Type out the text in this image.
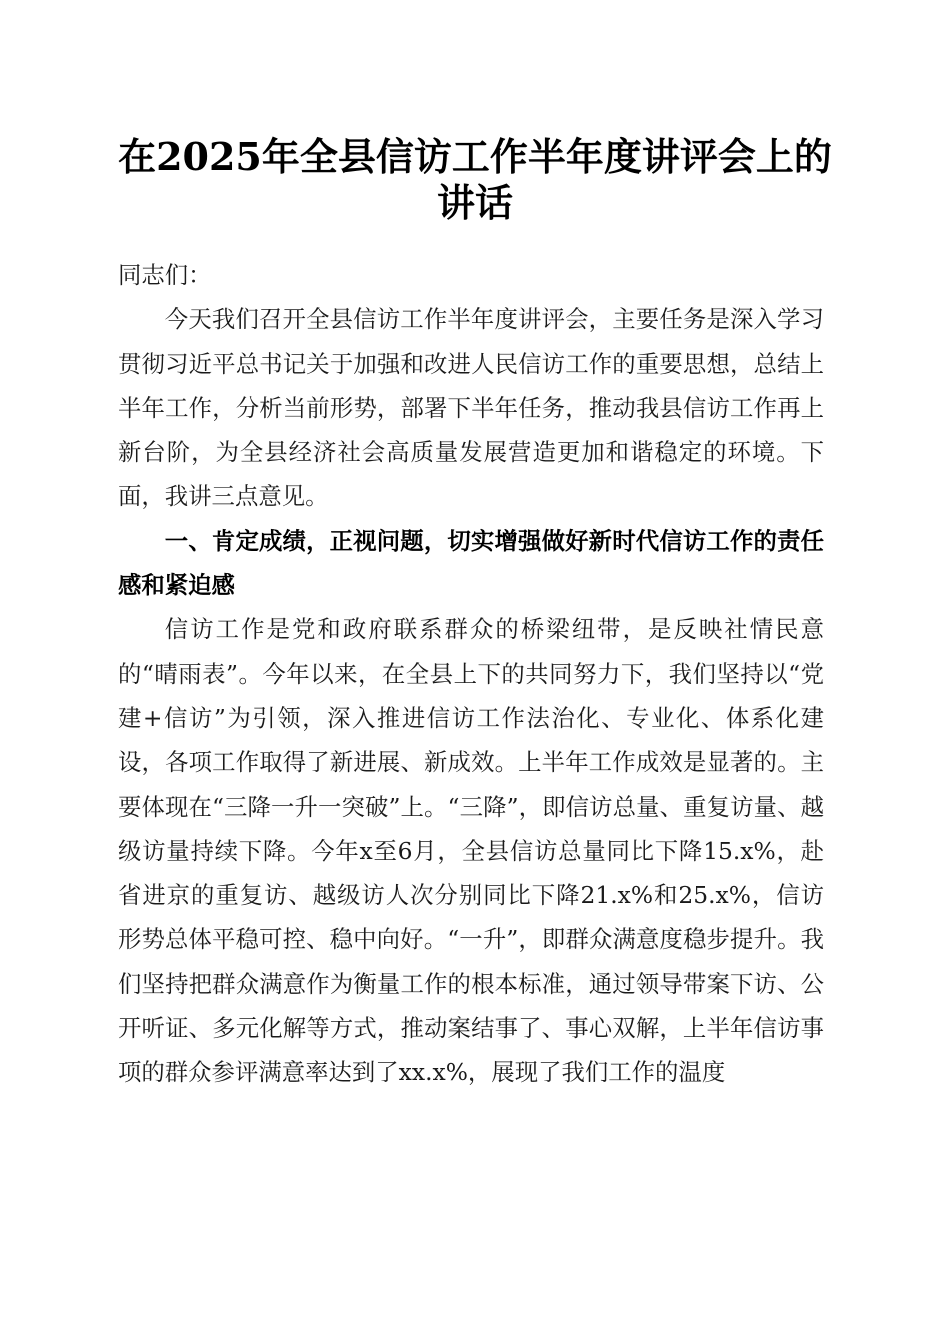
在2025年全县信访工作半年度讲评会上的讲话

同志们：

今天我们召开全县信访工作半年度讲评会，主要任务是深入学习贯彻习近平总书记关于加强和改进人民信访工作的重要思想，总结上半年工作，分析当前形势，部署下半年任务，推动我县信访工作再上新台阶，为全县经济社会高质量发展营造更加和谐稳定的环境。下面，我讲三点意见。

一、肯定成绩，正视问题，切实增强做好新时代信访工作的责任感和紧迫感

信访工作是党和政府联系群众的桥梁纽带，是反映社情民意的“晴雨表”。今年以来，在全县上下的共同努力下，我们坚持以“党建+信访”为引领，深入推进信访工作法治化、专业化、体系化建设，各项工作取得了新进展、新成效。上半年工作成效是显著的。主要体现在“三降一升一突破”上。“三降”，即信访总量、重复访量、越级访量持续下降。今年x至6月，全县信访总量同比下降15.x%，赴省进京的重复访、越级访人次分别同比下降21.x%和25.x%，信访形势总体平稳可控、稳中向好。“一升”，即群众满意度稳步提升。我们坚持把群众满意作为衡量工作的根本标准，通过领导带案下访、公开听证、多元化解等方式，推动案结事了、事心双解，上半年信访事项的群众参评满意率达到了xx.x%，展现了我们工作的温度
